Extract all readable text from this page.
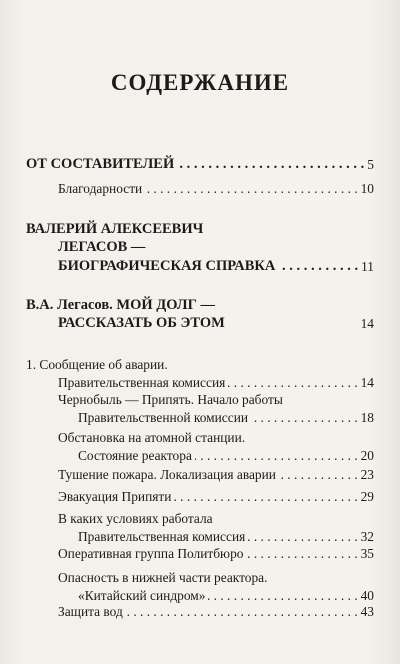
СОДЕРЖАНИЕ
ОТ СОСТАВИТЕЛЕЙ . . .	5
Благодарности . . .	10
ВАЛЕРИЙ АЛЕКСЕЕВИЧ
ЛЕГАСОВ —
БИОГРАФИЧЕСКАЯ СПРАВКА . . .	11
В.А. Легасов. МОЙ ДОЛГ —
РАССКАЗАТЬ ОБ ЭТОМ	14
1. Сообщение об аварии.
Правительственная комиссия . . .	14
Чернобыль — Припять. Начало работы
Правительственной комиссии . . .	18
Обстановка на атомной станции.
Состояние реактора . . .	20
Тушение пожара. Локализация аварии . . .	23
Эвакуация Припяти . . .	29
В каких условиях работала
Правительственная комиссия . . .	32
Оперативная группа Политбюро . . .	35
Опасность в нижней части реактора.
«Китайский синдром» . . .	40
Защита вод . . .	43
